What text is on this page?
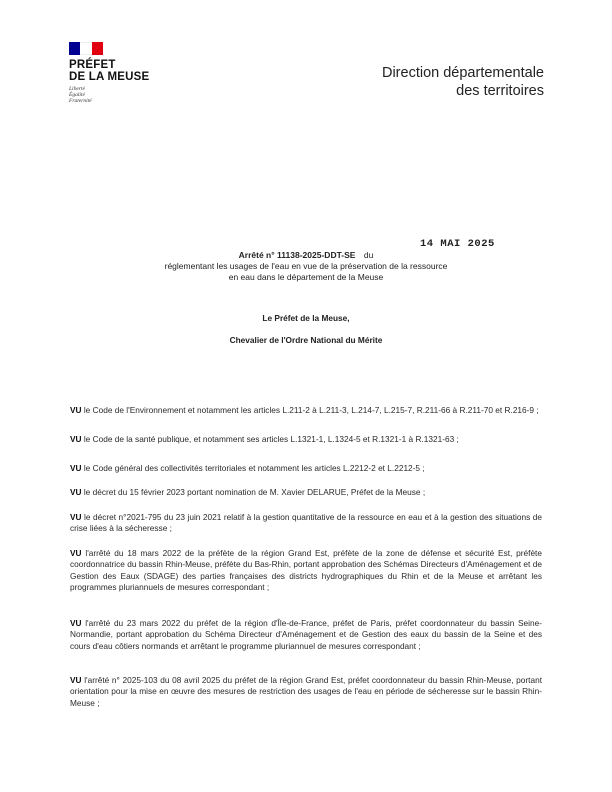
PRÉFET
DE LA MEUSE
Liberté
Égalité
Fraternité
Direction départementale
des territoires
14 MAI 2025
Arrêté n° 11138-2025-DDT-SE du
réglementant les usages de l'eau en vue de la préservation de la ressource
en eau dans le département de la Meuse
Le Préfet de la Meuse,
Chevalier de l'Ordre National du Mérite

VU le Code de l'Environnement et notamment les articles L.211-2 à L.211-3, L.214-7, L.215-7, R.211-66 à R.211-70 et R.216-9 ;

VU le Code de la santé publique, et notamment ses articles L.1321-1, L.1324-5 et R.1321-1 à R.1321-63 ;

VU le Code général des collectivités territoriales et notamment les articles L.2212-2 et L.2212-5 ;

VU le décret du 15 février 2023 portant nomination de M. Xavier DELARUE, Préfet de la Meuse ;

VU le décret n°2021-795 du 23 juin 2021 relatif à la gestion quantitative de la ressource en eau et à la gestion des situations de crise liées à la sécheresse ;

VU l'arrêté du 18 mars 2022 de la préfète de la région Grand Est, préfète de la zone de défense et sécurité Est, préfète coordonnatrice du bassin Rhin-Meuse, préfète du Bas-Rhin, portant approbation des Schémas Directeurs d'Aménagement et de Gestion des Eaux (SDAGE) des parties françaises des districts hydrographiques du Rhin et de la Meuse et arrêtant les programmes pluriannuels de mesures correspondant ;

VU l'arrêté du 23 mars 2022 du préfet de la région d'Île-de-France, préfet de Paris, préfet coordonnateur du bassin Seine-Normandie, portant approbation du Schéma Directeur d'Aménagement et de Gestion des eaux du bassin de la Seine et des cours d'eau côtiers normands et arrêtant le programme pluriannuel de mesures correspondant ;

VU l'arrêté n° 2025-103 du 08 avril 2025 du préfet de la région Grand Est, préfet coordonnateur du bassin Rhin-Meuse, portant orientation pour la mise en œuvre des mesures de restriction des usages de l'eau en période de sécheresse sur le bassin Rhin-Meuse ;
